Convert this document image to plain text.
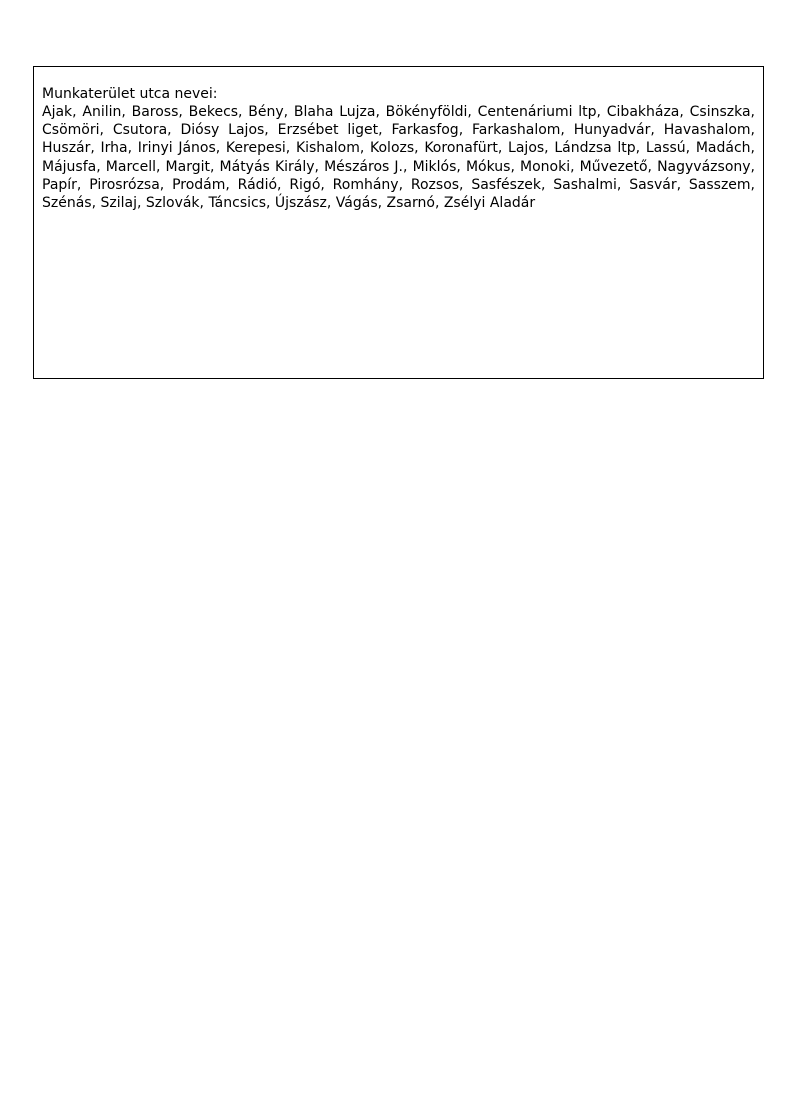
Munkaterület utca nevei:

Ajak, Anilin, Baross, Bekecs, Bény, Blaha Lujza, Bökényföldi, Centenáriumi ltp, Cibakháza, Csinszka, Csömöri, Csutora, Diósy Lajos, Erzsébet liget, Farkasfog, Farkashalom, Hunyadvár, Havashalom, Huszár, Irha, Irinyi János, Kerepesi, Kishalom, Kolozs, Koronafürt, Lajos, Lándzsa ltp, Lassú, Madách, Májusfa, Marcell, Margit, Mátyás Király, Mészáros J., Miklós, Mókus, Monoki, Művezető, Nagyvázsony, Papír, Pirosrózsa, Prodám, Rádió, Rigó, Romhány, Rozsos, Sasfészek, Sashalmi, Sasvár, Sasszem, Szénás, Szilaj, Szlovák, Táncsics, Újszász, Vágás, Zsarnó, Zsélyi Aladár
